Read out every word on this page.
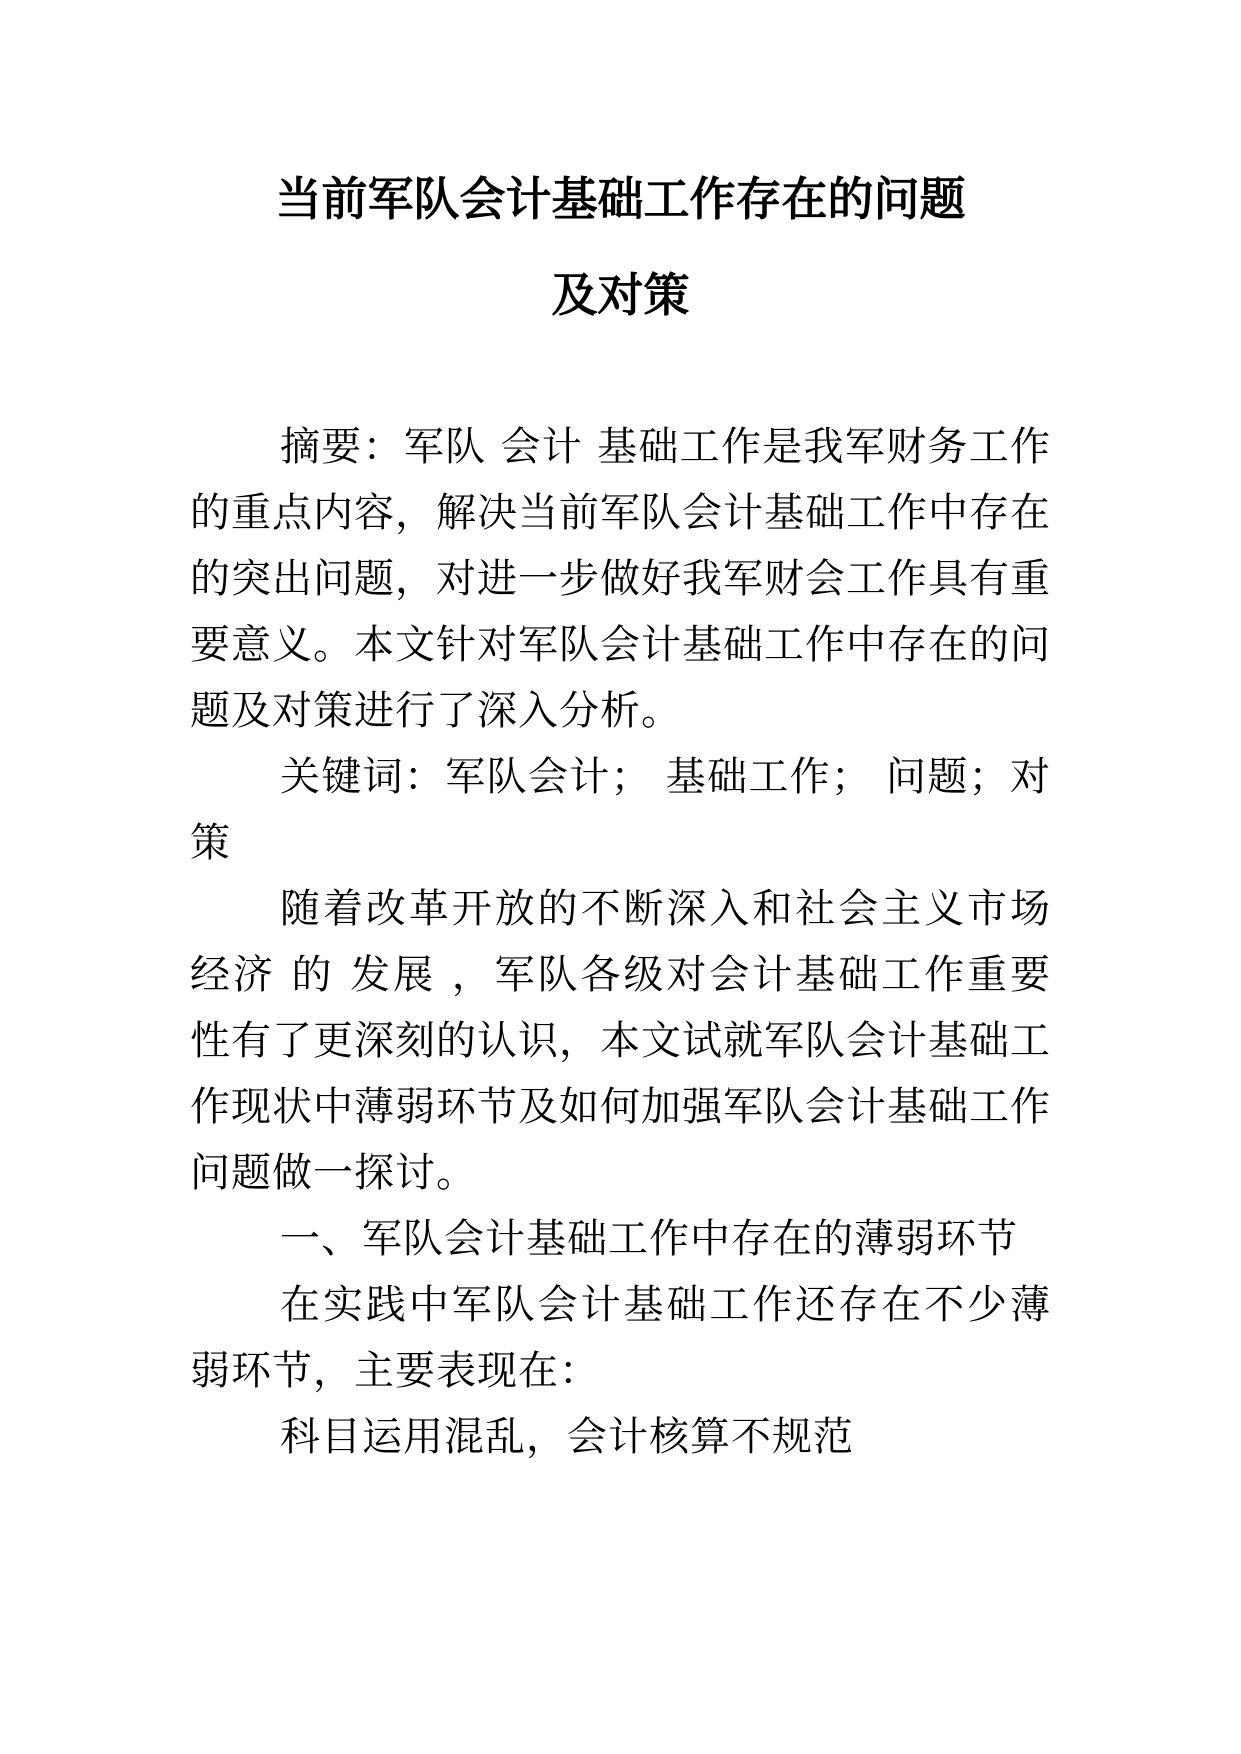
当前军队会计基础工作存在的问题
及对策

摘要：军队 会计 基础工作是我军财务工作的重点内容，解决当前军队会计基础工作中存在的突出问题，对进一步做好我军财会工作具有重要意义。本文针对军队会计基础工作中存在的问题及对策进行了深入分析。

关键词：军队会计； 基础工作； 问题；对策

随着改革开放的不断深入和社会主义市场 经济 的 发展 ，军队各级对会计基础工作重要性有了更深刻的认识，本文试就军队会计基础工作现状中薄弱环节及如何加强军队会计基础工作问题做一探讨。

一、军队会计基础工作中存在的薄弱环节

在实践中军队会计基础工作还存在不少薄弱环节，主要表现在：

科目运用混乱，会计核算不规范
